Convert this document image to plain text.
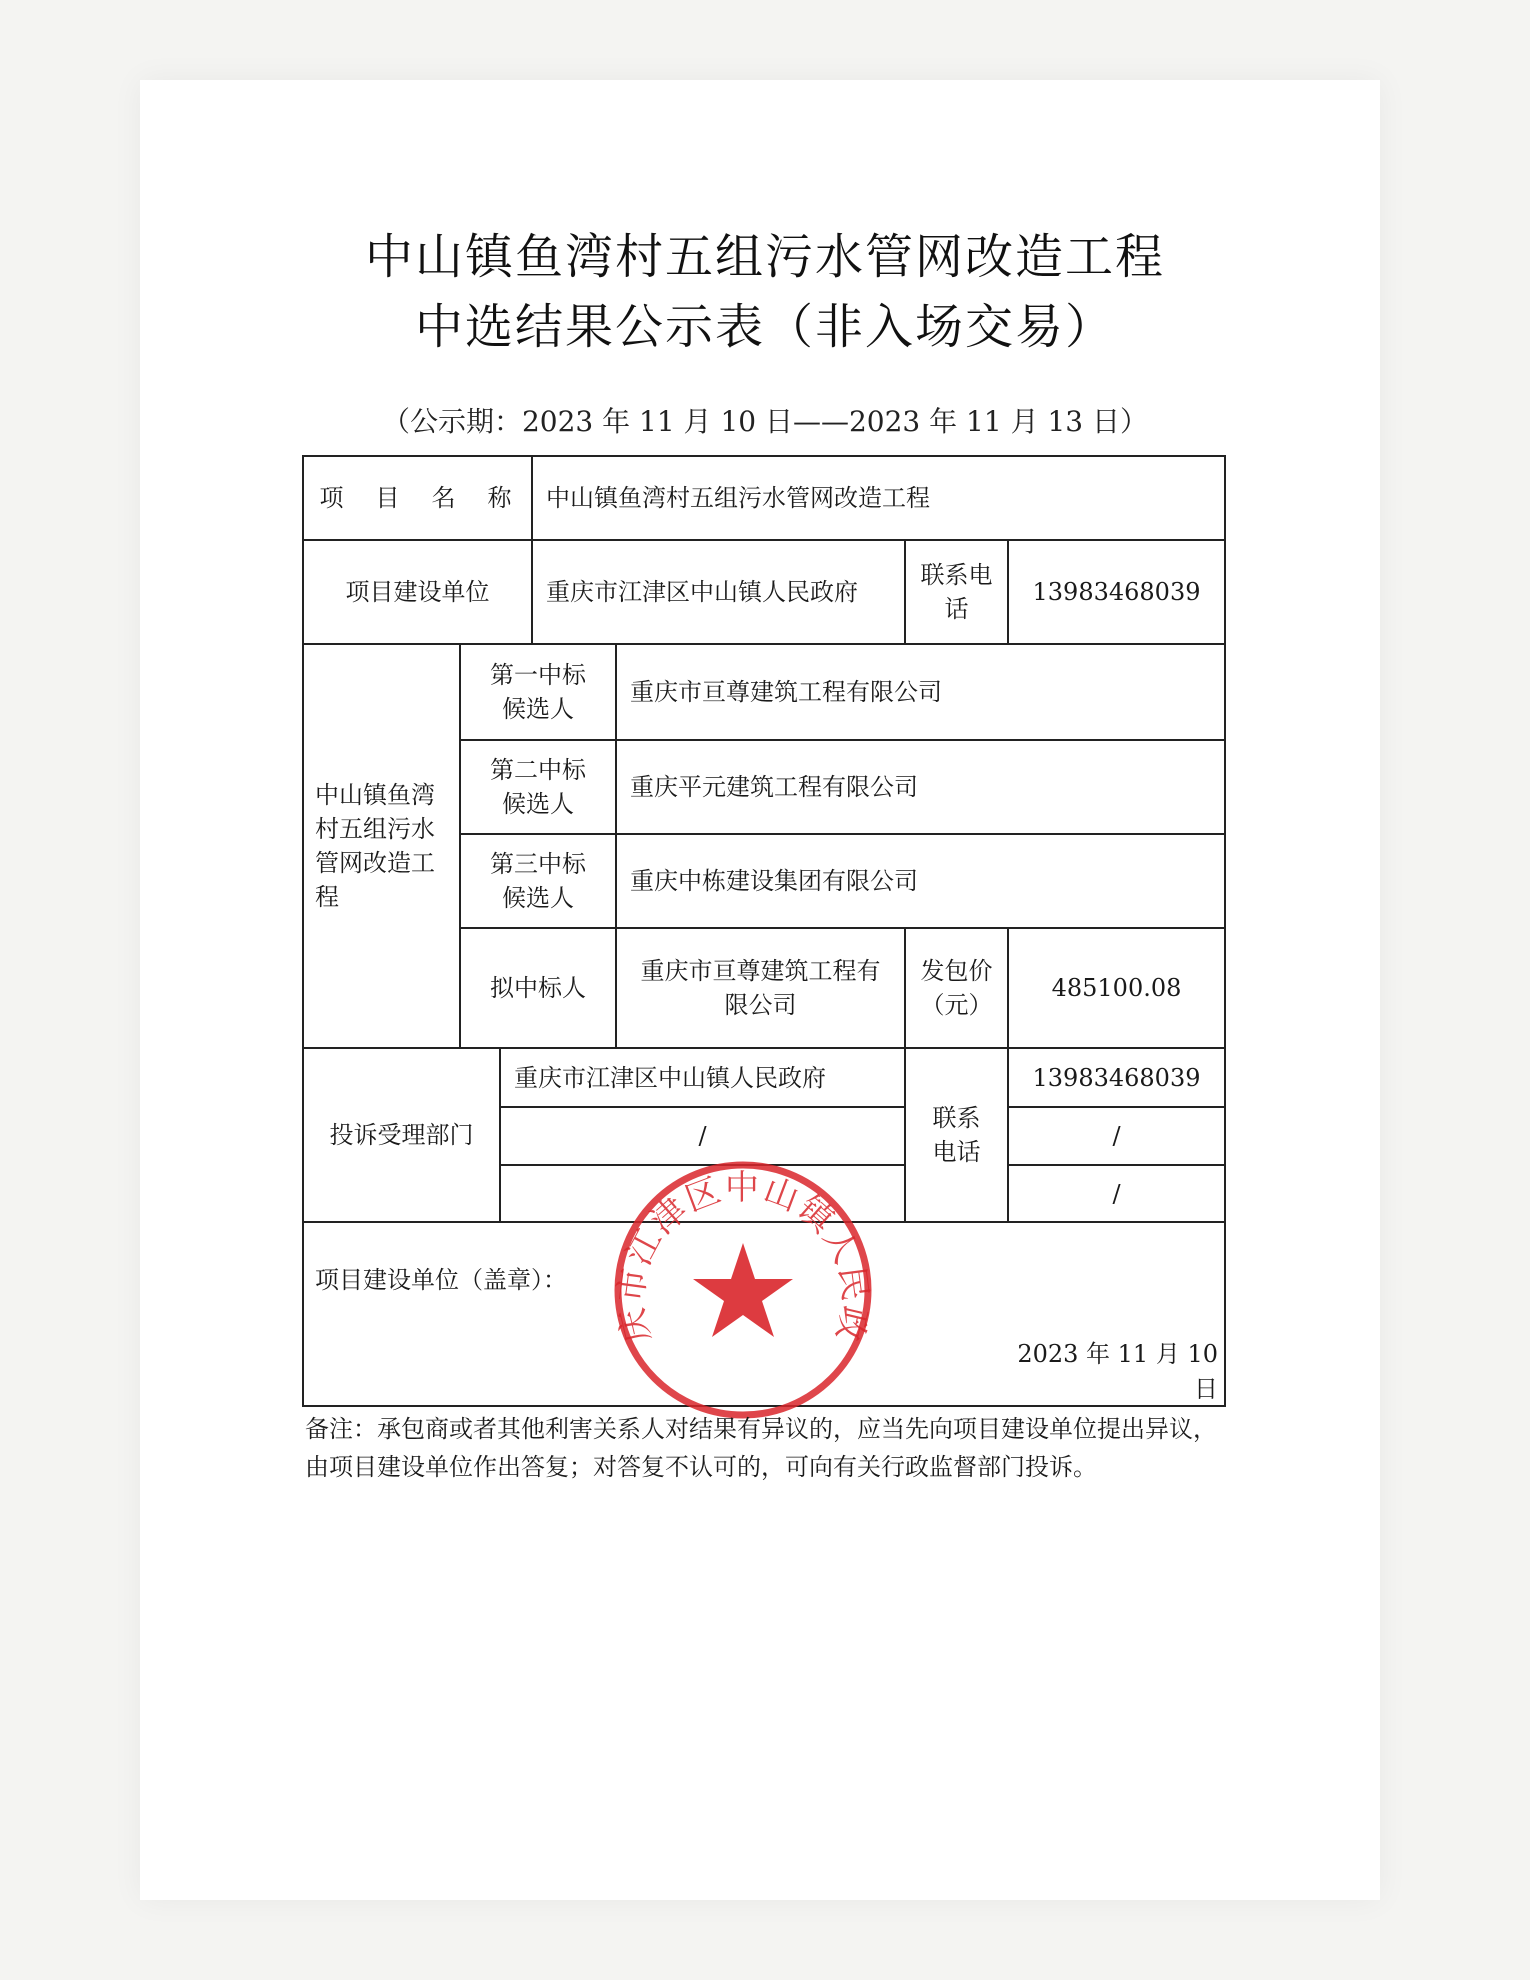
中山镇鱼湾村五组污水管网改造工程
中选结果公示表（非入场交易）
（公示期：2023 年 11 月 10 日——2023 年 11 月 13 日）
项　目　名　称	中山镇鱼湾村五组污水管网改造工程
项目建设单位	重庆市江津区中山镇人民政府
联系电话
13983468039
中山镇鱼湾村五组污水管网改造工程
第一中标候选人
重庆市亘尊建筑工程有限公司
第二中标候选人
重庆平元建筑工程有限公司
第三中标候选人
重庆中栋建设集团有限公司
拟中标人
重庆市亘尊建筑工程有限公司
发包价（元）
485100.08
投诉受理部门
重庆市江津区中山镇人民政府
/
联系电话
13983468039
/
/
项目建设单位（盖章）：
2023 年 11 月 10 日
庆市江津区中山镇人民政
备注：承包商或者其他利害关系人对结果有异议的，应当先向项目建设单位提出异议，由项目建设单位作出答复；对答复不认可的，可向有关行政监督部门投诉。
